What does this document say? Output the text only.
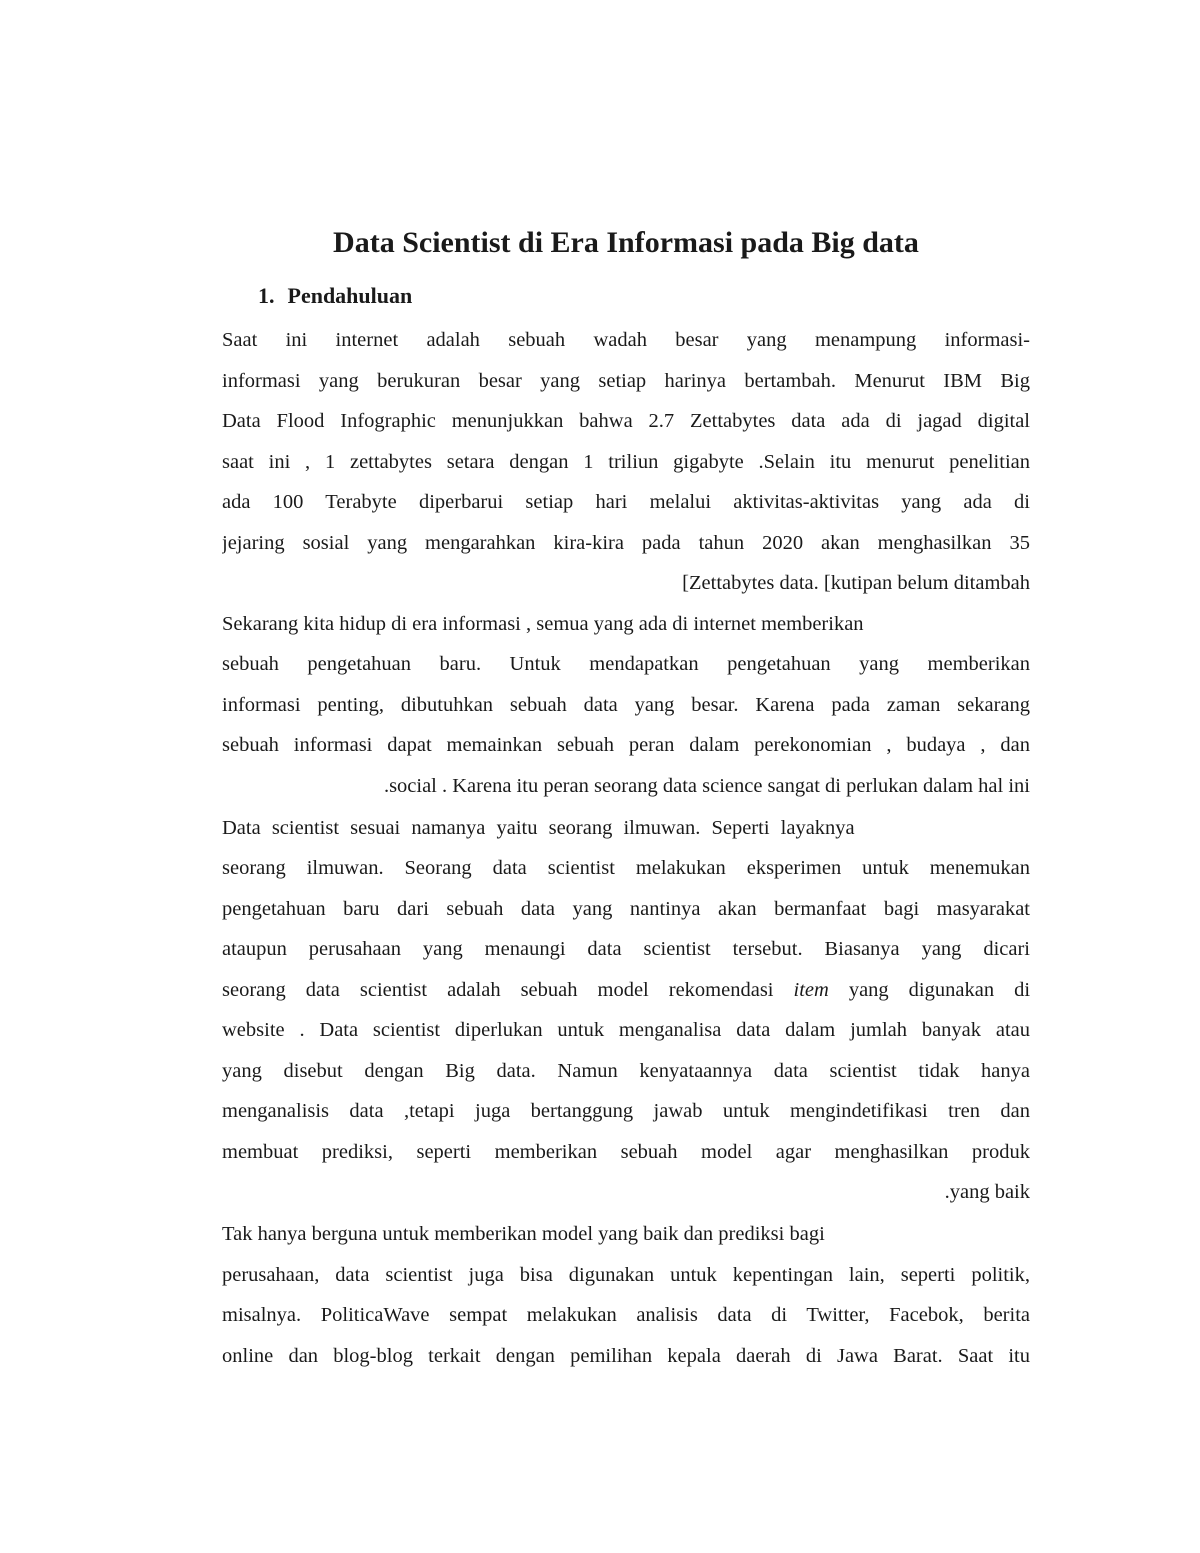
Data Scientist di Era Informasi pada Big data
1. Pendahuluan
Saat ini internet adalah sebuah wadah besar yang menampung informasi-
informasi yang berukuran besar yang setiap harinya bertambah. Menurut IBM Big
Data Flood Infographic menunjukkan bahwa 2.7 Zettabytes data ada di jagad digital
saat ini , 1 zettabytes setara dengan 1 triliun gigabyte .Selain itu menurut penelitian
ada 100 Terabyte diperbarui setiap hari melalui aktivitas-aktivitas yang ada di
jejaring sosial yang mengarahkan kira-kira pada tahun 2020 akan menghasilkan 35
[Zettabytes data. [kutipan belum ditambah
Sekarang kita hidup di era informasi , semua yang ada di internet memberikan
sebuah pengetahuan baru. Untuk mendapatkan pengetahuan yang memberikan
informasi penting, dibutuhkan sebuah data yang besar. Karena pada zaman sekarang
sebuah informasi dapat memainkan sebuah peran dalam perekonomian , budaya , dan
.social . Karena itu peran seorang data science sangat di perlukan dalam hal ini
Data scientist sesuai namanya yaitu seorang ilmuwan. Seperti layaknya
seorang ilmuwan. Seorang data scientist melakukan eksperimen untuk menemukan
pengetahuan baru dari sebuah data yang nantinya akan bermanfaat bagi masyarakat
ataupun perusahaan yang menaungi data scientist tersebut. Biasanya yang dicari
seorang data scientist adalah sebuah model rekomendasi item yang digunakan di
website . Data scientist diperlukan untuk menganalisa data dalam jumlah banyak atau
yang disebut dengan Big data. Namun kenyataannya data scientist tidak hanya
menganalisis data ,tetapi juga bertanggung jawab untuk mengindetifikasi tren dan
membuat prediksi, seperti memberikan sebuah model agar menghasilkan produk
.yang baik
Tak hanya berguna untuk memberikan model yang baik dan prediksi bagi
perusahaan, data scientist juga bisa digunakan untuk kepentingan lain, seperti politik,
misalnya. PoliticaWave sempat melakukan analisis data di Twitter, Facebok, berita
online dan blog-blog terkait dengan pemilihan kepala daerah di Jawa Barat. Saat itu
